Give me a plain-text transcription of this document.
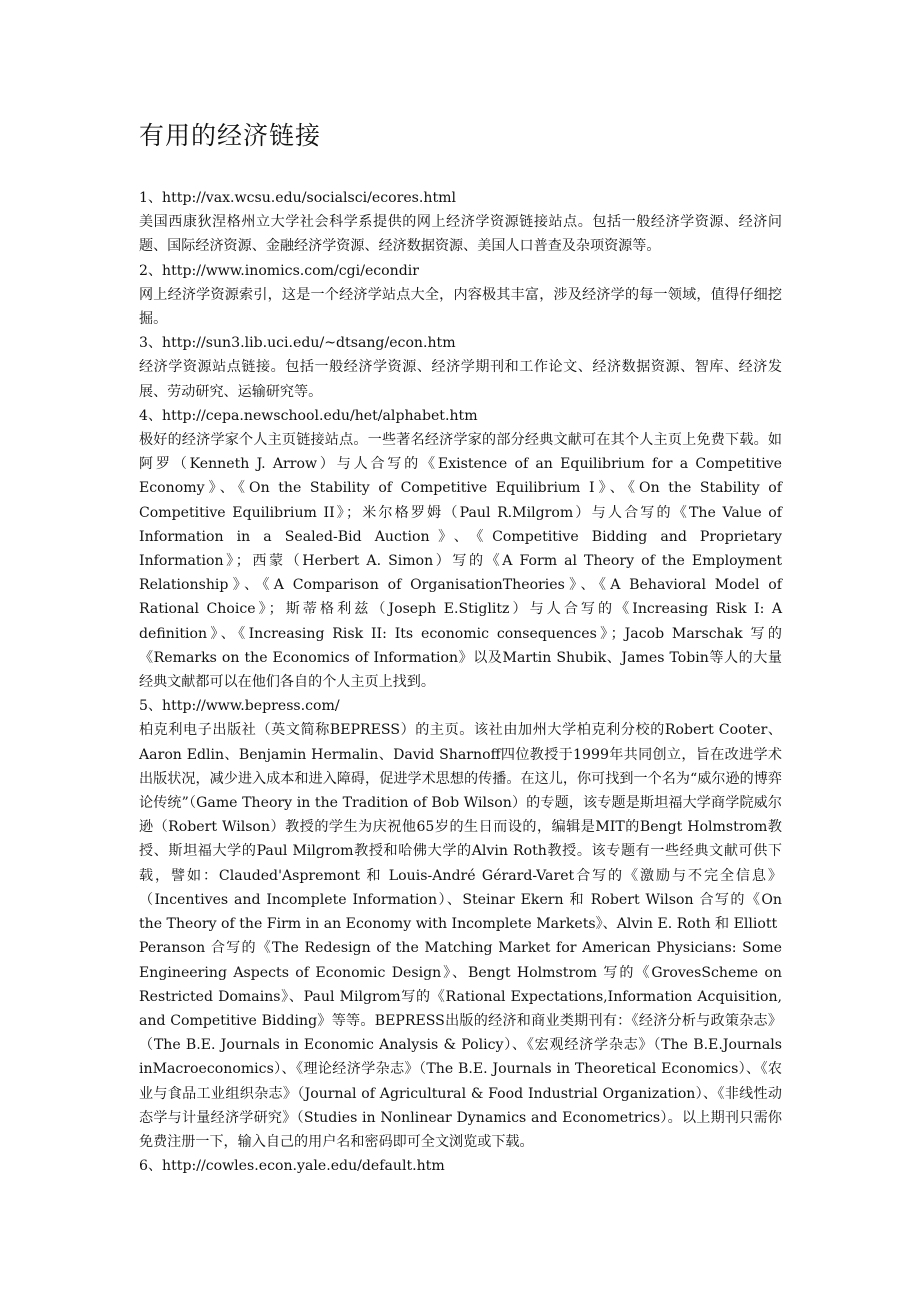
有用的经济链接

1、http://vax.wcsu.edu/socialsci/ecores.html

美国西康狄涅格州立大学社会科学系提供的网上经济学资源链接站点。包括一般经济学资源、经济问题、国际经济资源、金融经济学资源、经济数据资源、美国人口普查及杂项资源等。

2、http://www.inomics.com/cgi/econdir

网上经济学资源索引，这是一个经济学站点大全，内容极其丰富，涉及经济学的每一领域，值得仔细挖掘。

3、http://sun3.lib.uci.edu/~dtsang/econ.htm

经济学资源站点链接。包括一般经济学资源、经济学期刊和工作论文、经济数据资源、智库、经济发展、劳动研究、运输研究等。

4、http://cepa.newschool.edu/het/alphabet.htm

极好的经济学家个人主页链接站点。一些著名经济学家的部分经典文献可在其个人主页上免费下载。如阿罗（Kenneth J. Arrow）与人合写的《Existence of an Equilibrium for a Competitive Economy》、《On the Stability of Competitive Equilibrium I》、《On the Stability of Competitive Equilibrium II》；米尔格罗姆（Paul R.Milgrom）与人合写的《The Value of Information in a Sealed-Bid Auction》、《Competitive Bidding and Proprietary Information》；西蒙（Herbert A. Simon）写的《A Form al Theory of the Employment Relationship》、《A Comparison of OrganisationTheories》、《A Behavioral Model of Rational Choice》；斯蒂格利兹（Joseph E.Stiglitz）与人合写的《Increasing Risk I: A definition》、《Increasing Risk II: Its economic consequences》；Jacob Marschak 写的《Remarks on the Economics of Information》以及Martin Shubik、James Tobin等人的大量经典文献都可以在他们各自的个人主页上找到。

5、http://www.bepress.com/

柏克利电子出版社（英文简称BEPRESS）的主页。该社由加州大学柏克利分校的Robert Cooter、Aaron Edlin、Benjamin Hermalin、David Sharnoff四位教授于1999年共同创立，旨在改进学术出版状况，减少进入成本和进入障碍，促进学术思想的传播。在这儿，你可找到一个名为“威尔逊的博弈论传统”（Game Theory in the Tradition of Bob Wilson）的专题，该专题是斯坦福大学商学院威尔逊（Robert Wilson）教授的学生为庆祝他65岁的生日而设的，编辑是MIT的Bengt Holmstrom教授、斯坦福大学的Paul Milgrom教授和哈佛大学的Alvin Roth教授。该专题有一些经典文献可供下载，譬如：Clauded'Aspremont 和 Louis-André Gérard-Varet合写的《激励与不完全信息》（Incentives and Incomplete Information）、Steinar Ekern 和 Robert Wilson 合写的《On the Theory of the Firm in an Economy with Incomplete Markets》、Alvin E. Roth 和 Elliott

Peranson 合写的《The Redesign of the Matching Market for American Physicians: Some Engineering Aspects of Economic Design》、Bengt Holmstrom 写的《GrovesScheme on Restricted Domains》、Paul Milgrom写的《Rational Expectations,Information Acquisition, and Competitive Bidding》等等。BEPRESS出版的经济和商业类期刊有：《经济分析与政策杂志》（The B.E. Journals in Economic Analysis & Policy）、《宏观经济学杂志》（The B.E.Journals inMacroeconomics）、《理论经济学杂志》（The B.E. Journals in Theoretical Economics）、《农业与食品工业组织杂志》（Journal of Agricultural & Food Industrial Organization）、《非线性动态学与计量经济学研究》（Studies in Nonlinear Dynamics and Econometrics）。以上期刊只需你免费注册一下，输入自己的用户名和密码即可全文浏览或下载。

6、http://cowles.econ.yale.edu/default.htm
